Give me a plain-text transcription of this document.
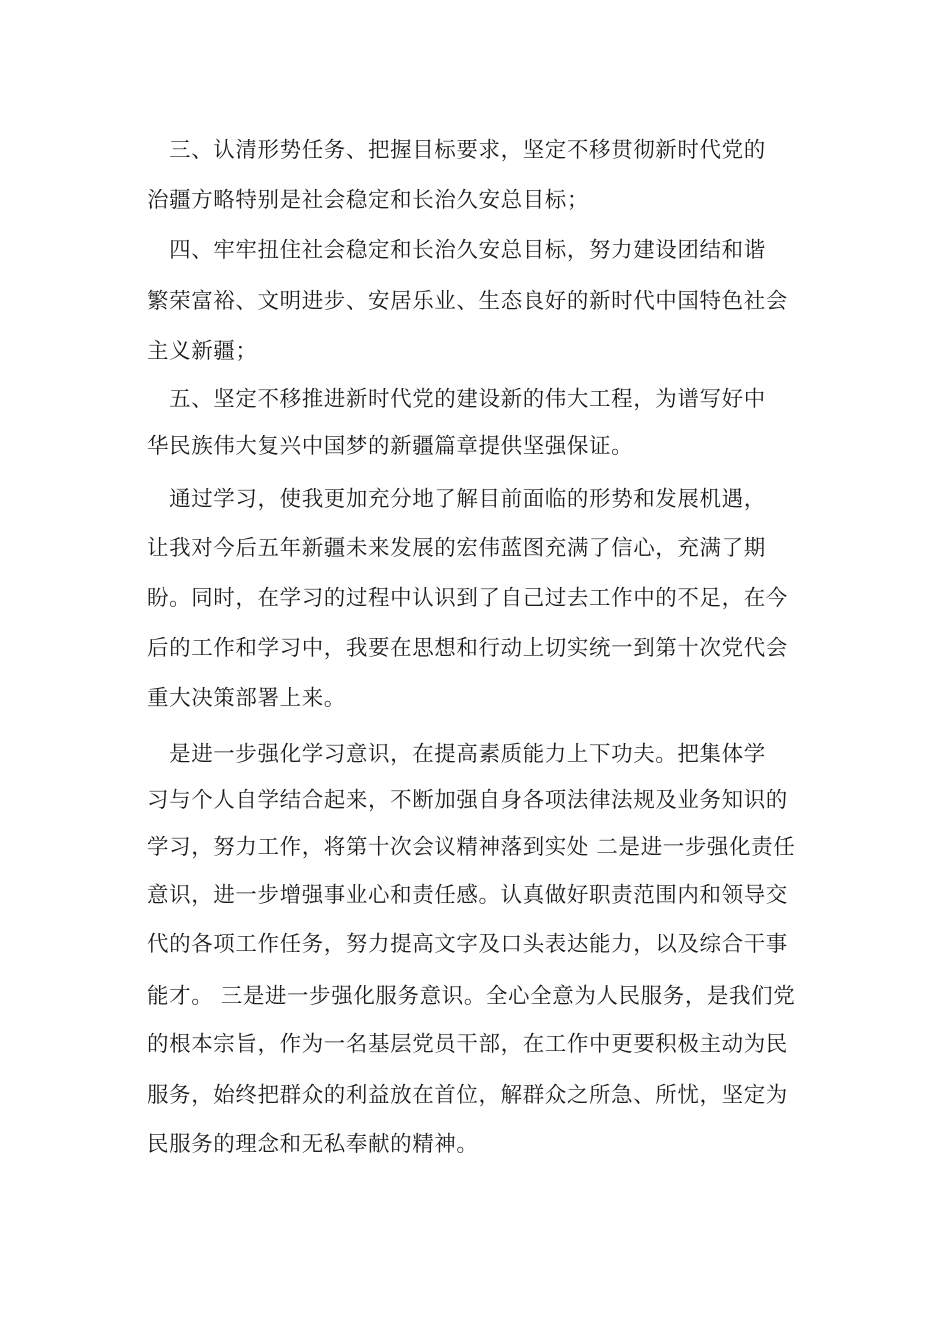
　三、认清形势任务、把握目标要求，坚定不移贯彻新时代党的
治疆方略特别是社会稳定和长治久安总目标；
　四、牢牢扭住社会稳定和长治久安总目标，努力建设团结和谐
繁荣富裕、文明进步、安居乐业、生态良好的新时代中国特色社会
主义新疆；
　五、坚定不移推进新时代党的建设新的伟大工程，为谱写好中
华民族伟大复兴中国梦的新疆篇章提供坚强保证。
　通过学习，使我更加充分地了解目前面临的形势和发展机遇，
让我对今后五年新疆未来发展的宏伟蓝图充满了信心，充满了期
盼。同时，在学习的过程中认识到了自己过去工作中的不足，在今
后的工作和学习中，我要在思想和行动上切实统一到第十次党代会
重大决策部署上来。
　是进一步强化学习意识，在提高素质能力上下功夫。把集体学
习与个人自学结合起来，不断加强自身各项法律法规及业务知识的
学习，努力工作，将第十次会议精神落到实处 二是进一步强化责任
意识，进一步增强事业心和责任感。认真做好职责范围内和领导交
代的各项工作任务，努力提高文字及口头表达能力，以及综合干事
能才。 三是进一步强化服务意识。全心全意为人民服务，是我们党
的根本宗旨，作为一名基层党员干部，在工作中更要积极主动为民
服务，始终把群众的利益放在首位，解群众之所急、所忧，坚定为
民服务的理念和无私奉献的精神。
